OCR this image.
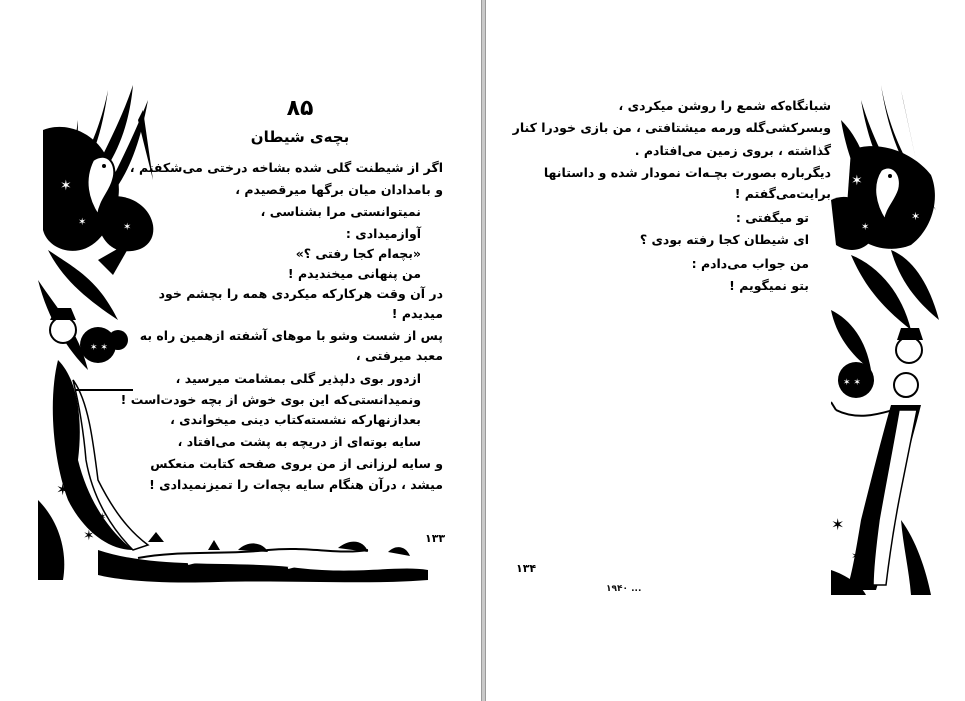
✶
✶	✶
✶ ✶
✶
✶
✶
۸۵
بچه‌ی شیطان
اگر از شیطنت گلی شده بشاخه درختی می‌شکفتم ،
و بامدادان میان برگها میرقصیدم ،
نمیتوانستی مرا بشناسی ،
آوازمیدادی :
«بچه‌ام کجا رفتی ؟»
من پنهانی میخندیدم !
در آن وقت هرکارکه میکردی همه را بچشم خود
میدیدم !
پس از شست وشو با موهای آشفته ازهمین راه به
معبد میرفتی ،
ازدور بوی دلپذیر گلی بمشامت میرسید ،
ونمیدانستی‌که این بوی خوش از بچه خودت‌است !
بعدازنهارکه نشسته‌کتاب دینی میخواندی ،
سایه بوته‌ای از دریچه به پشت می‌افتاد ،
و سایه لرزانی از من بروی صفحه کتابت منعکس
میشد ، درآن هنگام سایه بچه‌ات را تمیزنمیدادی !
۱۳۳
✶
✶
✶
✶ ✶
✶
✶
شبانگاه‌که شمع را روشن میکردی ،
وبسرکشی‌گله ورمه میشتافتی ، من بازی خودرا کنار
گذاشته ، بروی زمین می‌افتادم .
دیگرباره بصورت بچـه‌ات نمودار شده و داستانها
برایت‌می‌گفتم !
تو میگفتی :
ای شیطان کجا رفته بودی ؟
من جواب می‌دادم :
بتو نمیگویم !
۱۳۴
۱۹۴۰ ...
